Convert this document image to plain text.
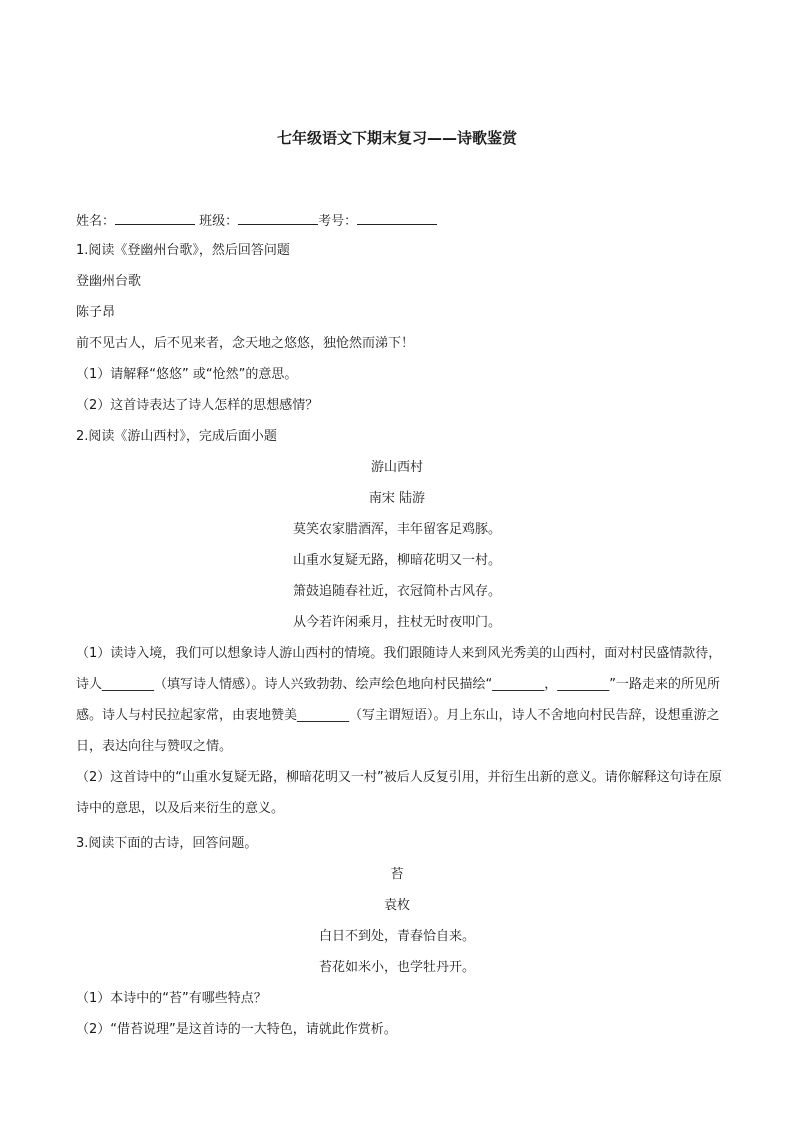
七年级语文下期末复习——诗歌鉴赏
姓名：	班级：	考号：
1.阅读《登幽州台歌》，然后回答问题
登幽州台歌
陈子昂
前不见古人，后不见来者，念天地之悠悠，独怆然而涕下！
（1）请解释“悠悠” 或“怆然”的意思。
（2）这首诗表达了诗人怎样的思想感情？
2.阅读《游山西村》，完成后面小题
游山西村
南宋 陆游
莫笑农家腊酒浑，丰年留客足鸡豚。
山重水复疑无路，柳暗花明又一村。
箫鼓追随春社近，衣冠简朴古风存。
从今若许闲乘月，拄杖无时夜叩门。
（1）读诗入境，我们可以想象诗人游山西村的情境。我们跟随诗人来到风光秀美的山西村，面对村民盛情款待，诗人________（填写诗人情感）。诗人兴致勃勃、绘声绘色地向村民描绘“________，________”一路走来的所见所感。诗人与村民拉起家常，由衷地赞美________（写主谓短语）。月上东山，诗人不舍地向村民告辞，设想重游之日，表达向往与赞叹之情。
（2）这首诗中的“山重水复疑无路，柳暗花明又一村”被后人反复引用，并衍生出新的意义。请你解释这句诗在原诗中的意思，以及后来衍生的意义。
3.阅读下面的古诗，回答问题。
苔
袁枚
白日不到处，青春恰自来。
苔花如米小，也学牡丹开。
（1）本诗中的“苔”有哪些特点？
（2）“借苔说理”是这首诗的一大特色，请就此作赏析。
